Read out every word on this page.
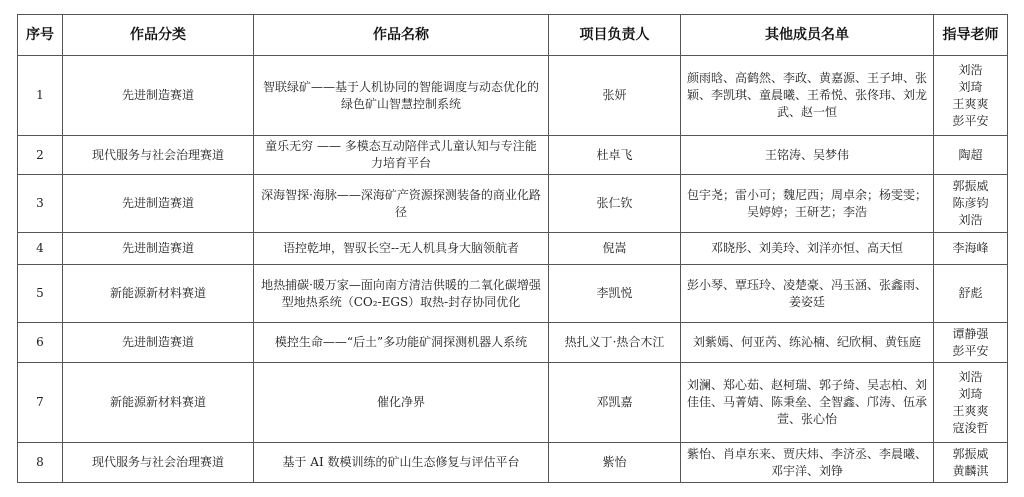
序号	作品分类	作品名称	项目负责人	其他成员名单	指导老师
1	先进制造赛道	智联绿矿——基于人机协同的智能调度与动态优化的绿色矿山智慧控制系统	张妍	颜雨晗、高鹤然、李政、黄嘉源、王子坤、张颖、李凯琪、童晨曦、王希悦、张佟玮、刘龙武、赵一恒	刘浩
刘琦
王爽爽
彭平安

2	现代服务与社会治理赛道	童乐无穷 —— 多模态互动陪伴式儿童认知与专注能力培育平台	杜卓飞	王铭涛、吴梦伟	陶超

3	先进制造赛道	深海智探·海脉——深海矿产资源探测装备的商业化路径	张仁钦	包宇尧；雷小可；魏尼西；周卓余；杨雯雯；吴婷婷；王研艺；李浩	郭振威
陈彦钧
刘浩

4	先进制造赛道	语控乾坤，智驭长空--无人机具身大脑领航者	倪嵩	邓晓彤、刘美玲、刘洋亦恒、高天恒	李海峰

5	新能源新材料赛道	地热捕碳·暖万家—面向南方清洁供暖的二氧化碳增强型地热系统（CO₂-EGS）取热-封存协同优化	李凯悦	彭小琴、覃珏玲、凌楚豪、冯玉涵、张鑫雨、姜姿廷	舒彪

6	先进制造赛道	模控生命——“后土”多功能矿洞探测机器人系统	热扎义丁·热合木江	刘紫嫣、何亚芮、练沁楠、纪欣桐、黄钰庭	谭静强
彭平安

7	新能源新材料赛道	催化净界	邓凯嘉	刘澜、郑心茹、赵柯瑞、郭子绮、吴志柏、刘佳佳、马菁婧、陈秉垒、全智鑫、邝涛、伍承萱、张心怡	刘浩
刘琦
王爽爽
寇浚哲

8	现代服务与社会治理赛道	基于 AI 数模训练的矿山生态修复与评估平台	紫怡	紫怡、肖卓东来、贾庆炜、李济丞、李晨曦、邓宇洋、刘铮	郭振威
黄麟淇
